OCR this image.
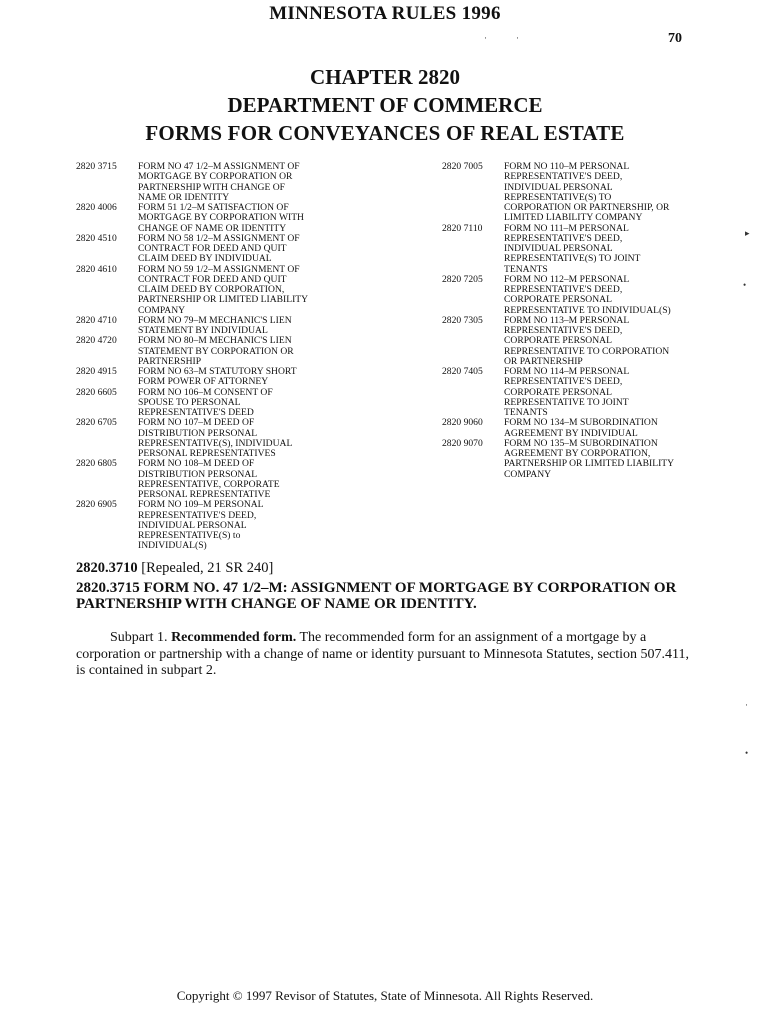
MINNESOTA RULES 1996
70
CHAPTER 2820
DEPARTMENT OF COMMERCE
FORMS FOR CONVEYANCES OF REAL ESTATE
2820 3715	FORM NO 47 1/2–M ASSIGNMENT OF
MORTGAGE BY CORPORATION OR
PARTNERSHIP WITH CHANGE OF
NAME OR IDENTITY
2820 4006	FORM 51 1/2–M SATISFACTION OF
MORTGAGE BY CORPORATION WITH
CHANGE OF NAME OR IDENTITY
2820 4510	FORM NO 58 1/2–M ASSIGNMENT OF
CONTRACT FOR DEED AND QUIT
CLAIM DEED BY INDIVIDUAL
2820 4610	FORM NO 59 1/2–M ASSIGNMENT OF
CONTRACT FOR DEED AND QUIT
CLAIM DEED BY CORPORATION,
PARTNERSHIP OR LIMITED LIABILITY
COMPANY
2820 4710	FORM NO 79–M MECHANIC'S LIEN
STATEMENT BY INDIVIDUAL
2820 4720	FORM NO 80–M MECHANIC'S LIEN
STATEMENT BY CORPORATION OR
PARTNERSHIP
2820 4915	FORM NO 63–M STATUTORY SHORT
FORM POWER OF ATTORNEY
2820 6605	FORM NO 106–M CONSENT OF
SPOUSE TO PERSONAL
REPRESENTATIVE'S DEED
2820 6705	FORM NO 107–M DEED OF
DISTRIBUTION PERSONAL
REPRESENTATIVE(S), INDIVIDUAL
PERSONAL REPRESENTATIVES
2820 6805	FORM NO 108–M DEED OF
DISTRIBUTION PERSONAL
REPRESENTATIVE, CORPORATE
PERSONAL REPRESENTATIVE
2820 6905	FORM NO 109–M PERSONAL
REPRESENTATIVE'S DEED,
INDIVIDUAL PERSONAL
REPRESENTATIVE(S) to
INDIVIDUAL(S)
2820 7005	FORM NO 110–M PERSONAL
REPRESENTATIVE'S DEED,
INDIVIDUAL PERSONAL
REPRESENTATIVE(S) TO
CORPORATION OR PARTNERSHIP, OR
LIMITED LIABILITY COMPANY
2820 7110	FORM NO 111–M PERSONAL
REPRESENTATIVE'S DEED,
INDIVIDUAL PERSONAL
REPRESENTATIVE(S) TO JOINT
TENANTS
2820 7205	FORM NO 112–M PERSONAL
REPRESENTATIVE'S DEED,
CORPORATE PERSONAL
REPRESENTATIVE TO INDIVIDUAL(S)
2820 7305	FORM NO 113–M PERSONAL
REPRESENTATIVE'S DEED,
CORPORATE PERSONAL
REPRESENTATIVE TO CORPORATION
OR PARTNERSHIP
2820 7405	FORM NO 114–M PERSONAL
REPRESENTATIVE'S DEED,
CORPORATE PERSONAL
REPRESENTATIVE TO JOINT
TENANTS
2820 9060	FORM NO 134–M SUBORDINATION
AGREEMENT BY INDIVIDUAL
2820 9070	FORM NO 135–M SUBORDINATION
AGREEMENT BY CORPORATION,
PARTNERSHIP OR LIMITED LIABILITY
COMPANY
2820.3710 [Repealed, 21 SR 240]
2820.3715 FORM NO. 47 1/2–M: ASSIGNMENT OF MORTGAGE BY CORPORATION OR PARTNERSHIP WITH CHANGE OF NAME OR IDENTITY.
Subpart 1. Recommended form. The recommended form for an assignment of a mortgage by a corporation or partnership with a change of name or identity pursuant to Minnesota Statutes, section 507.411, is contained in subpart 2.
Copyright © 1997 Revisor of Statutes, State of Minnesota. All Rights Reserved.
·	·
▸
•
·
•
